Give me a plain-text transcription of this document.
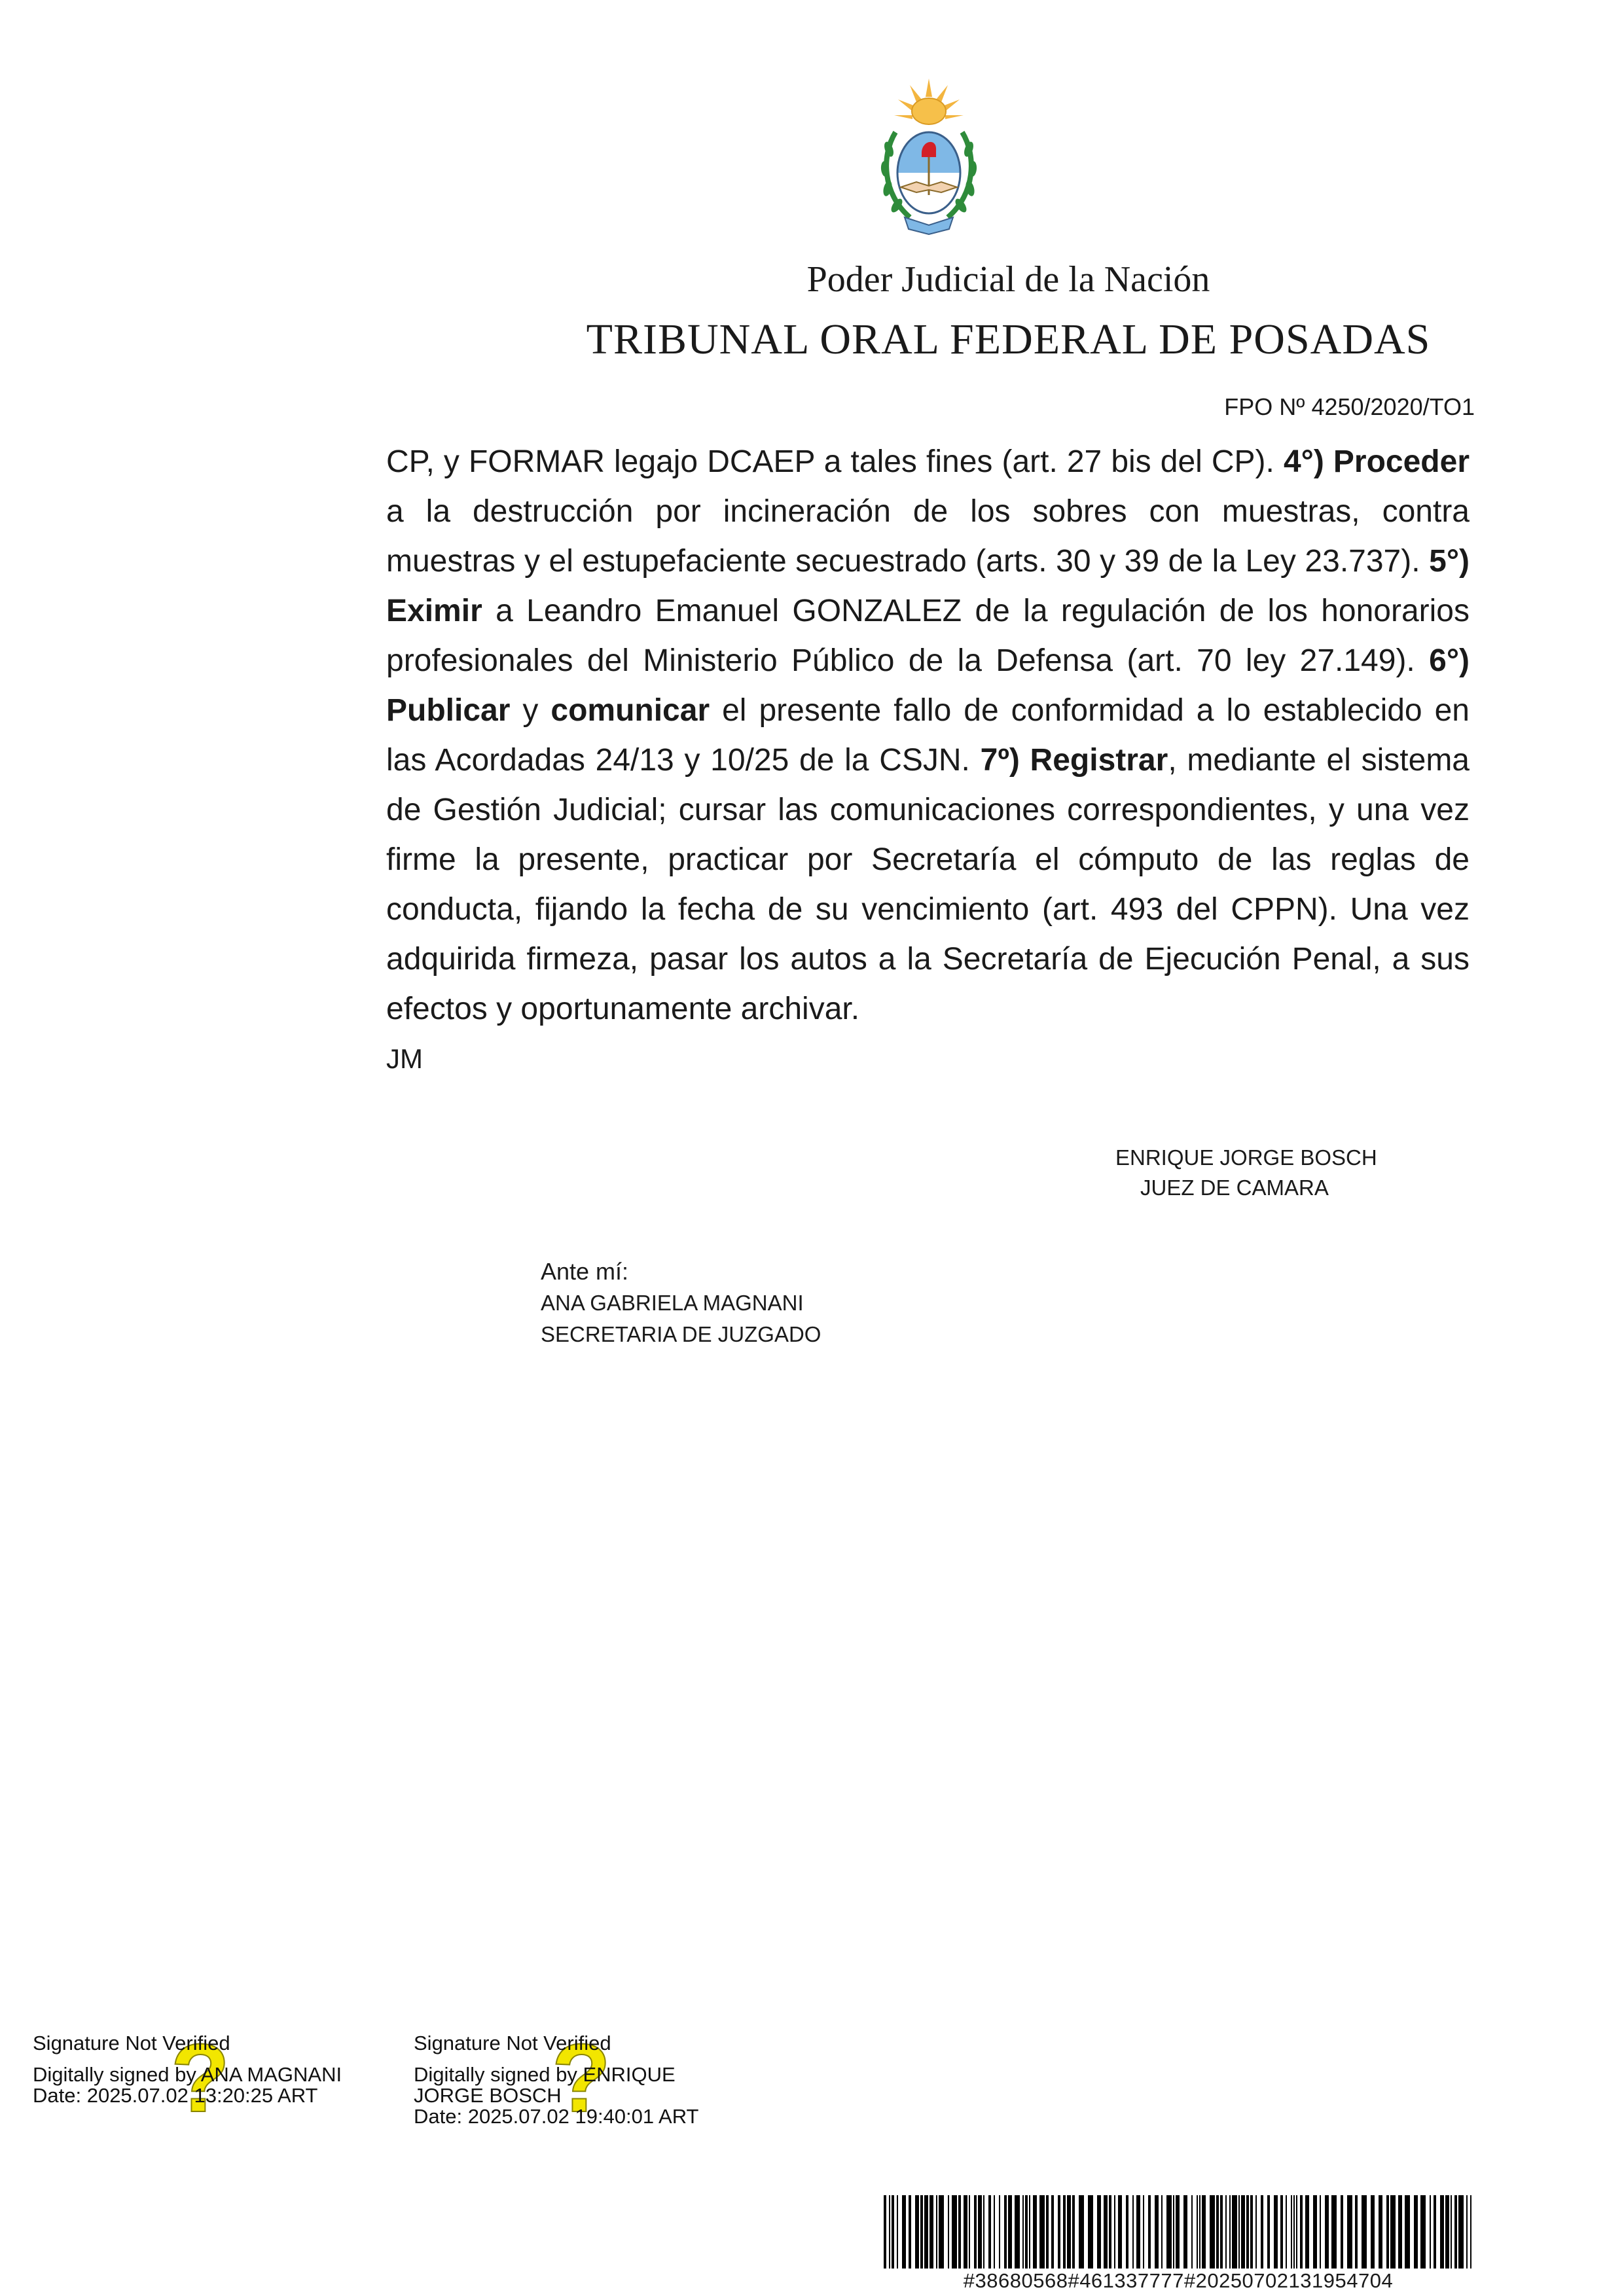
Poder Judicial de la Nación
TRIBUNAL ORAL FEDERAL DE POSADAS
FPO Nº 4250/2020/TO1
CP, y FORMAR legajo DCAEP a tales fines (art. 27 bis del CP). 4°) Proceder a la destrucción por incineración de los sobres con muestras, contra muestras y el estupefaciente secuestrado (arts. 30 y 39 de la Ley 23.737). 5°) Eximir a Leandro Emanuel GONZALEZ de la regulación de los honorarios profesionales del Ministerio Público de la Defensa (art. 70 ley 27.149). 6°) Publicar y comunicar el presente fallo de conformidad a lo establecido en las Acordadas 24/13 y 10/25 de la CSJN. 7º) Registrar, mediante el sistema de Gestión Judicial; cursar las comunicaciones correspondientes, y una vez firme la presente, practicar por Secretaría el cómputo de las reglas de conducta, fijando la fecha de su vencimiento (art. 493 del CPPN). Una vez adquirida firmeza, pasar los autos a la Secretaría de Ejecución Penal, a sus efectos y oportunamente archivar.
JM
ENRIQUE JORGE BOSCH
JUEZ DE CAMARA
Ante mí:
ANA GABRIELA MAGNANI
SECRETARIA DE JUZGADO
?
Signature Not Verified
Digitally signed by ANA MAGNANI
Date: 2025.07.02 13:20:25 ART ?
Signature Not Verified
Digitally signed by ENRIQUE
JORGE BOSCH
Date: 2025.07.02 19:40:01 ART
#38680568#461337777#20250702131954704
